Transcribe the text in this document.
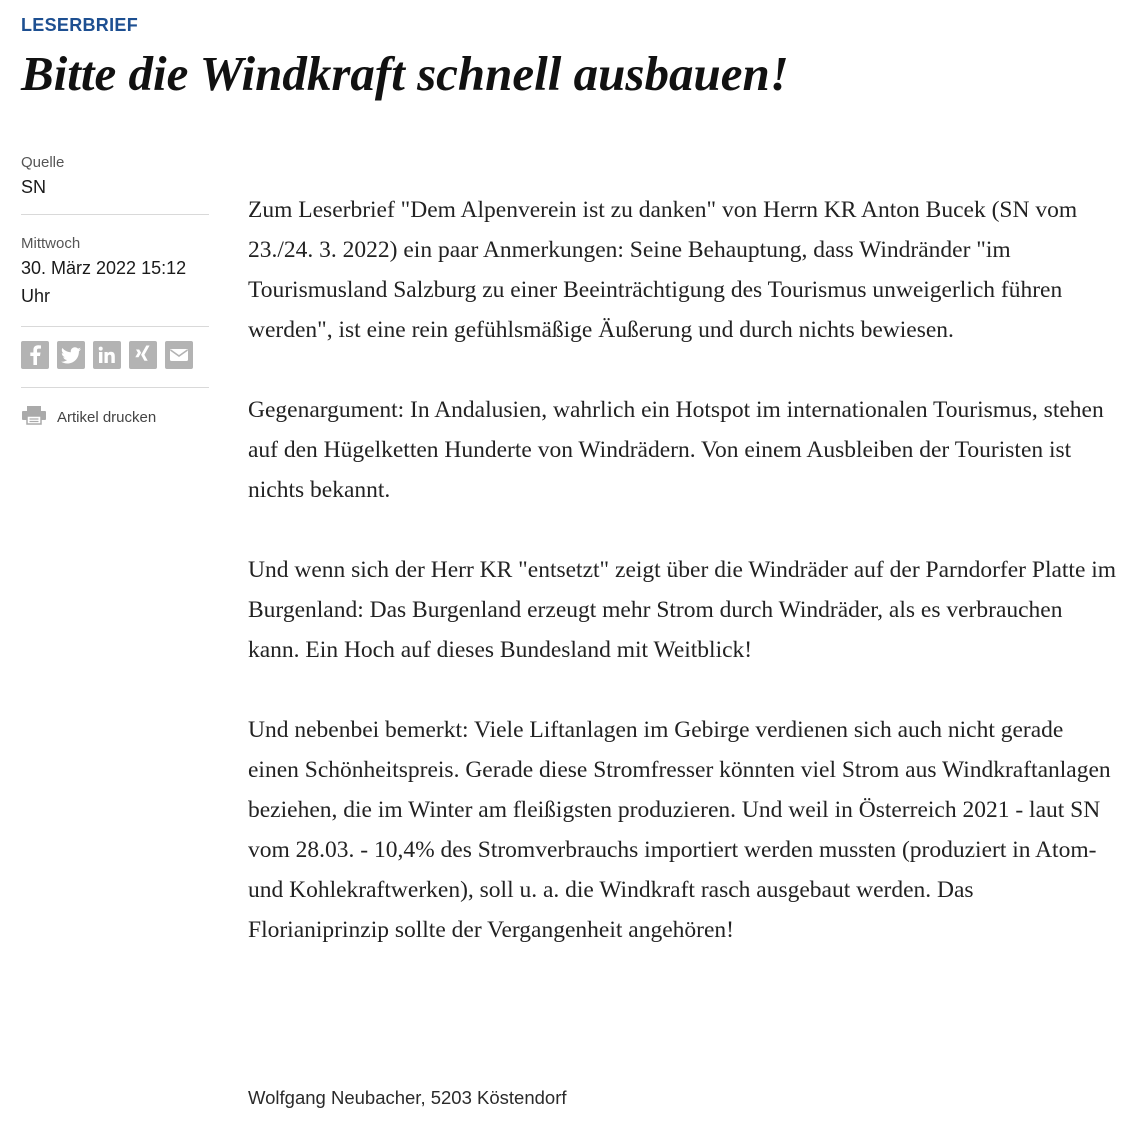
LESERBRIEF
Bitte die Windkraft schnell ausbauen!
Quelle
SN
Mittwoch
30. März 2022 15:12 Uhr
Artikel drucken

Zum Leserbrief "Dem Alpenverein ist zu danken" von Herrn KR Anton Bucek (SN vom 23./24. 3. 2022) ein paar Anmerkungen: Seine Behauptung, dass Windränder "im Tourismusland Salzburg zu einer Beeinträchtigung des Tourismus unweigerlich führen werden", ist eine rein gefühlsmäßige Äußerung und durch nichts bewiesen.

Gegenargument: In Andalusien, wahrlich ein Hotspot im internationalen Tourismus, stehen auf den Hügelketten Hunderte von Windrädern. Von einem Ausbleiben der Touristen ist nichts bekannt.

Und wenn sich der Herr KR "entsetzt" zeigt über die Windräder auf der Parndorfer Platte im Burgenland: Das Burgenland erzeugt mehr Strom durch Windräder, als es verbrauchen kann. Ein Hoch auf dieses Bundesland mit Weitblick!

Und nebenbei bemerkt: Viele Liftanlagen im Gebirge verdienen sich auch nicht gerade einen Schönheitspreis. Gerade diese Stromfresser könnten viel Strom aus Windkraftanlagen beziehen, die im Winter am fleißigsten produzieren. Und weil in Österreich 2021 - laut SN vom 28.03. - 10,4% des Stromverbrauchs importiert werden mussten (produziert in Atom- und Kohlekraftwerken), soll u. a. die Windkraft rasch ausgebaut werden. Das Florianiprinzip sollte der Vergangenheit angehören!

Wolfgang Neubacher, 5203 Köstendorf
